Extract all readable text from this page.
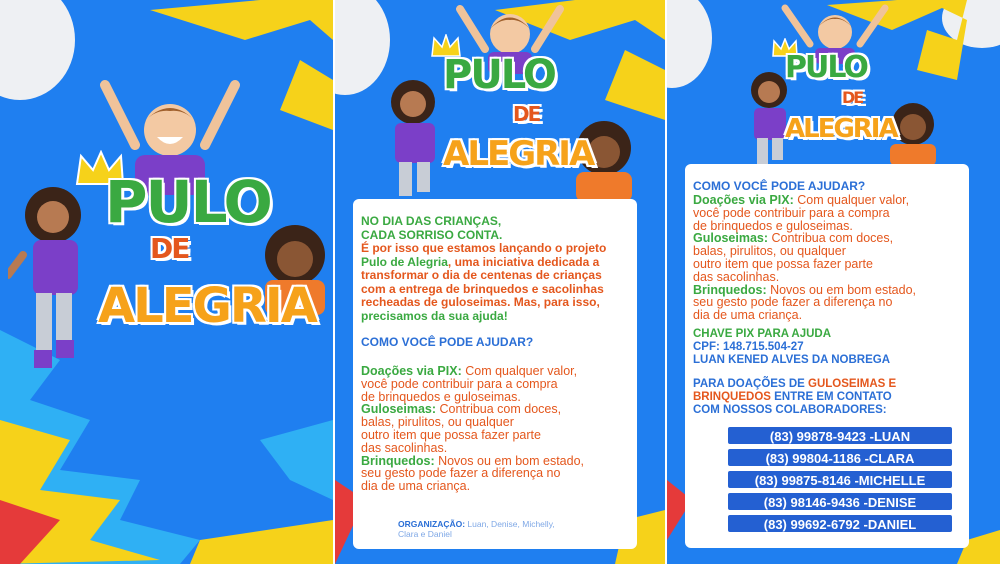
PULO
DE
ALEGRIA
PULO
DE
ALEGRIA
NO DIA DAS CRIANÇAS,
CADA SORRISO CONTA.
É por isso que estamos lançando o projeto
Pulo de Alegria, uma iniciativa dedicada a
transformar o dia de centenas de crianças
com a entrega de brinquedos e sacolinhas
recheadas de guloseimas. Mas, para isso,
precisamos da sua ajuda!
COMO VOCÊ PODE AJUDAR?
Doações via PIX: Com qualquer valor,
você pode contribuir para a compra
de brinquedos e guloseimas.
Guloseimas: Contribua com doces,
balas, pirulitos, ou qualquer
outro item que possa fazer parte
das sacolinhas.
Brinquedos: Novos ou em bom estado,
seu gesto pode fazer a diferença no
dia de uma criança.
ORGANIZAÇÃO: Luan, Denise, Michelly,
Clara e Daniel
PULO
DE
ALEGRIA
COMO VOCÊ PODE AJUDAR?
Doações via PIX: Com qualquer valor,
você pode contribuir para a compra
de brinquedos e guloseimas.
Guloseimas: Contribua com doces,
balas, pirulitos, ou qualquer
outro item que possa fazer parte
das sacolinhas.
Brinquedos: Novos ou em bom estado,
seu gesto pode fazer a diferença no
dia de uma criança.
CHAVE PIX PARA AJUDA
CPF: 148.715.504-27
LUAN KENED ALVES DA NOBREGA
PARA DOAÇÕES DE GULOSEIMAS E
BRINQUEDOS ENTRE EM CONTATO
COM NOSSOS COLABORADORES:
(83) 99878-9423 -LUAN
(83) 99804-1186 -CLARA
(83) 99875-8146 -MICHELLE
(83) 98146-9436 -DENISE
(83) 99692-6792 -DANIEL
